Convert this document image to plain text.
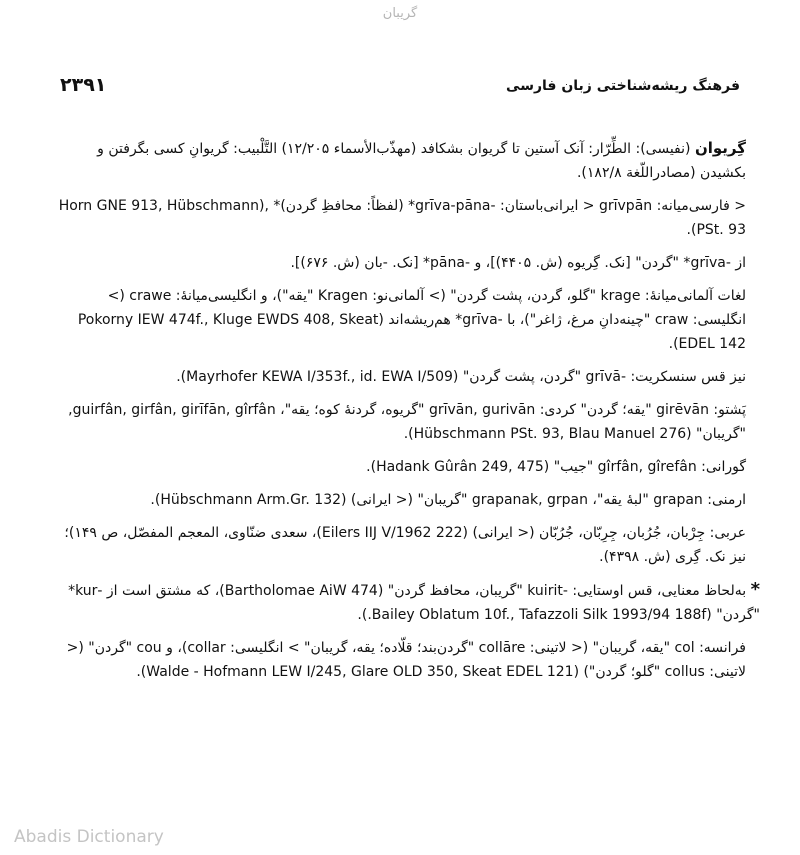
گریبان
۲۳۹۱	فرهنگ ریشه‌شناختی زبان فارسی

گِریوان (نفیسی): الطِّرّار: آنک آستین تا گریوان بشکافد (مهذّب‌الأسماء ۱۲/۲۰۵) التَّلْبیب: گریوانِ کسی بگرفتن و بکشیدن (مصادراللّغة ۱۸۲/۸).

< فارسی‌میانه: grīvpān < ایرانی‌باستان: -grīva-pāna* (لفظاً: محافظِ گردن)* ,(Horn GNE 913, Hübschmann PSt. 93).

از -grīva* "گردن" [نک. گِریوه (ش. ۴۴۰۵)]، و -pāna* [نک. -بان (ش. ۶۷۶)].

لغات آلمانی‌میانهٔ: krage "گلو، گردن، پشت گردن" (> آلمانی‌نو: Kragen "یقه")، و انگلیسی‌میانهٔ: crawe (> انگلیسی: craw "چینه‌دانِ مرغ، ژاغر")، با -grīva* هم‌ریشه‌اند (Pokorny IEW 474f., Kluge EWDS 408, Skeat EDEL 142).

نیز قس سنسکریت: -grīvā "گردن، پشت گردن" (Mayrhofer KEWA I/353f., id. EWA I/509).

پَشتو: girēvān "یقه؛ گردن" کردی: grīvān, gurivān "گریوه، گردنهٔ کوه؛ یقه"، guirfân, girfân, girīfān, gîrfân, "گریبان" (Hübschmann PSt. 93, Blau Manuel 276).

گورانی: gîrfân, gîrefân "جیب" (Hadank Gûrân 249, 475).

ارمنی: grapan "لبهٔ یقه"، grapanak, grpan "گریبان" (< ایرانی) (Hübschmann Arm.Gr. 132).

عربی: جِرْبان، جُرُبان، جِرِبّان، جُرُبّان (< ایرانی) (Eilers IIJ V/1962 222)، سعدی ضنّاوی، المعجم المفصّل، ص ۱۴۹)؛ نیز نک. گِری (ش. ۴۳۹۸).

* به‌لحاظ معنایی، قس اوستایی: -kuirit "گریبان، محافظ گردن" (Bartholomae AiW 474)، که مشتق است از -kur* "گردن" (Bailey Oblatum 10f., Tafazzoli Silk 1993/94 188f.).

فرانسه: col "یقه، گریبان" (< لاتینی: collāre "گردن‌بند؛ قلّاده؛ یقه، گریبان" > انگلیسی: collar)، و cou "گردن" (< لاتینی: collus "گلو؛ گردن") (Walde - Hofmann LEW I/245, Glare OLD 350, Skeat EDEL 121).

Abadis Dictionary
